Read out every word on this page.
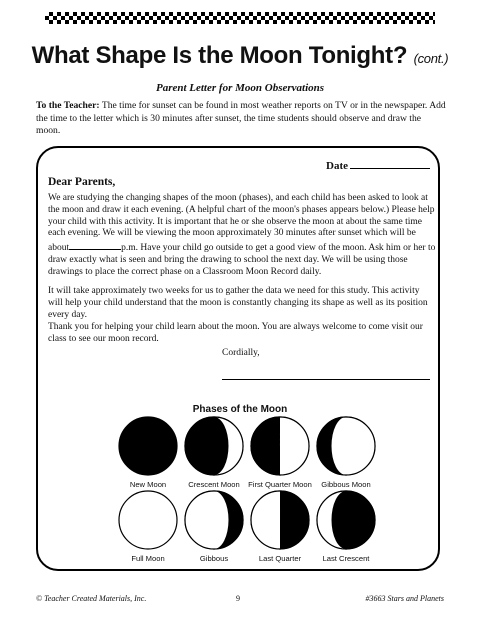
What Shape Is the Moon Tonight? (cont.)
Parent Letter for Moon Observations
To the Teacher: The time for sunset can be found in most weather reports on TV or in the newspaper. Add the time to the letter which is 30 minutes after sunset, the time students should observe and draw the moon.
Date
Dear Parents,
We are studying the changing shapes of the moon (phases), and each child has been asked to look at the moon and draw it each evening. (A helpful chart of the moon's phases appears below.) Please help your child with this activity. It is important that he or she observe the moon at about the same time each evening. We will be viewing the moon approximately 30 minutes after sunset which will be about	p.m. Have your child go outside to get a good view of the moon. Ask him or her to draw exactly what is seen and bring the drawing to school the next day. We will be using those drawings to place the correct phase on a Classroom Moon Record daily.
It will take approximately two weeks for us to gather the data we need for this study. This activity will help your child understand that the moon is constantly changing its shape as well as its position every day.
Thank you for helping your child learn about the moon. You are always welcome to come visit our class to see our moon record.
Cordially,
Phases of the Moon
New Moon	Crescent Moon	First Quarter Moon	Gibbous Moon
Full Moon	Gibbous	Last Quarter	Last Crescent
© Teacher Created Materials, Inc.	9	#3663 Stars and Planets
